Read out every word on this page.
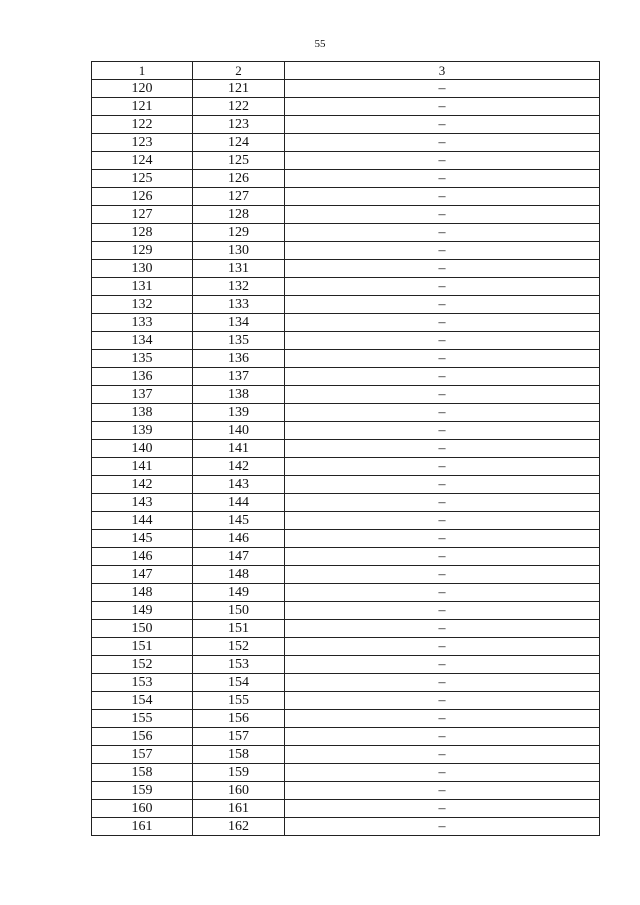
55
1	2	3
120	121	–
121	122	–
122	123	–
123	124	–
124	125	–
125	126	–
126	127	–
127	128	–
128	129	–
129	130	–
130	131	–
131	132	–
132	133	–
133	134	–
134	135	–
135	136	–
136	137	–
137	138	–
138	139	–
139	140	–
140	141	–
141	142	–
142	143	–
143	144	–
144	145	–
145	146	–
146	147	–
147	148	–
148	149	–
149	150	–
150	151	–
151	152	–
152	153	–
153	154	–
154	155	–
155	156	–
156	157	–
157	158	–
158	159	–
159	160	–
160	161	–
161	162	–
